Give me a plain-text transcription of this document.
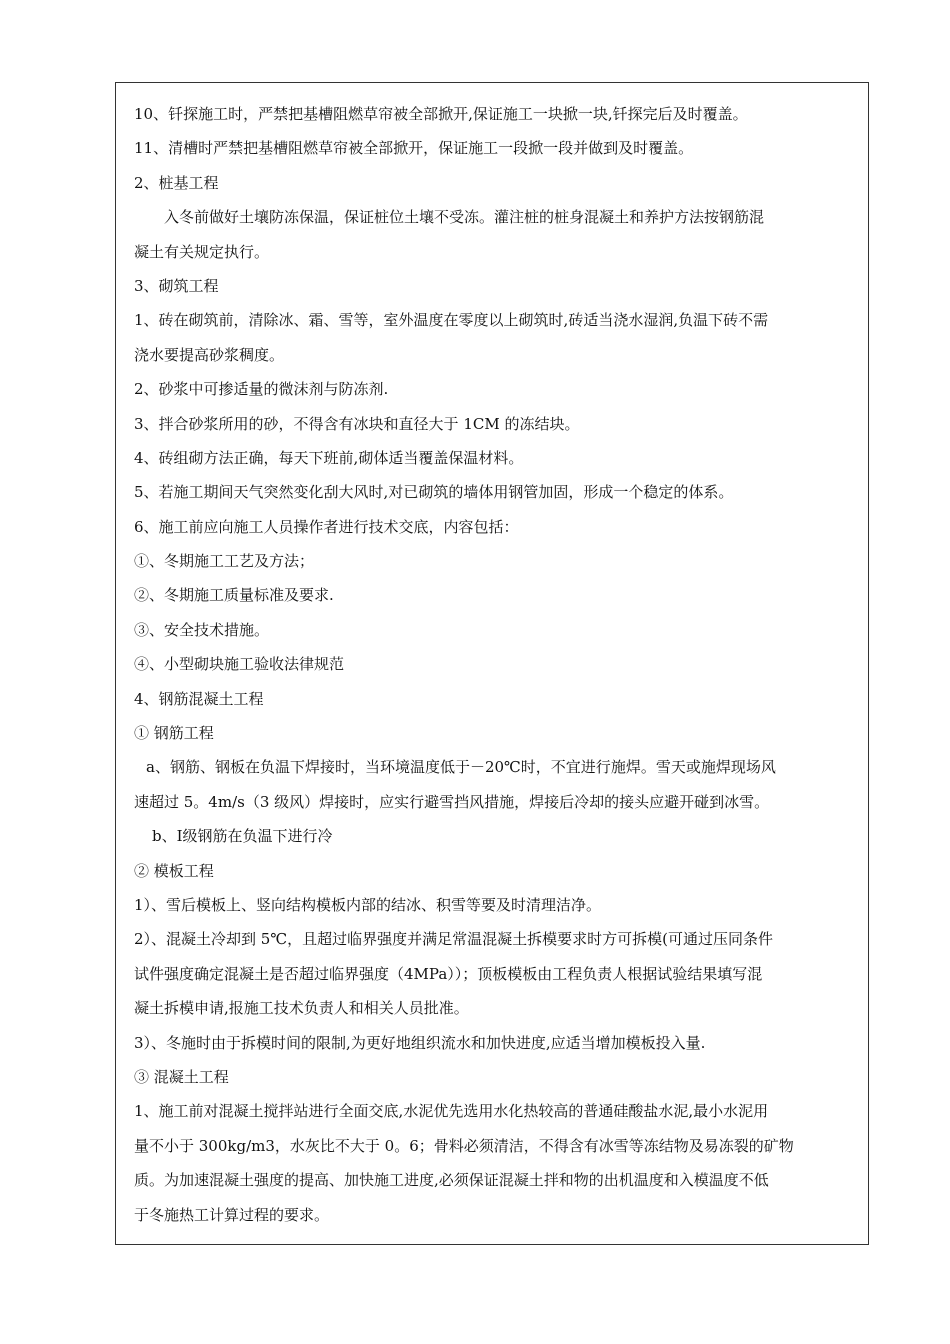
10、钎探施工时，严禁把基槽阻燃草帘被全部掀开,保证施工一块掀一块,钎探完后及时覆盖。
11、清槽时严禁把基槽阻燃草帘被全部掀开，保证施工一段掀一段并做到及时覆盖。
2、桩基工程
入冬前做好土壤防冻保温，保证桩位土壤不受冻。灌注桩的桩身混凝土和养护方法按钢筋混
凝土有关规定执行。
3、砌筑工程
1、砖在砌筑前，清除冰、霜、雪等，室外温度在零度以上砌筑时,砖适当浇水湿润,负温下砖不需
浇水要提高砂浆稠度。
2、砂浆中可掺适量的微沫剂与防冻剂.
3、拌合砂浆所用的砂，不得含有冰块和直径大于 1CM 的冻结块。
4、砖组砌方法正确，每天下班前,砌体适当覆盖保温材料。
5、若施工期间天气突然变化刮大风时,对已砌筑的墙体用钢管加固，形成一个稳定的体系。
6、施工前应向施工人员操作者进行技术交底，内容包括：
①、冬期施工工艺及方法；
②、冬期施工质量标准及要求.
③、安全技术措施。
④、小型砌块施工验收法律规范
4、钢筋混凝土工程
① 钢筋工程
a、钢筋、钢板在负温下焊接时，当环境温度低于－20℃时，不宜进行施焊。雪天或施焊现场风
速超过 5。4m/s（3 级风）焊接时，应实行避雪挡风措施，焊接后冷却的接头应避开碰到冰雪。
b、Ⅰ级钢筋在负温下进行冷
② 模板工程
1）、雪后模板上、竖向结构模板内部的结冰、积雪等要及时清理洁净。
2）、混凝土冷却到 5℃，且超过临界强度并满足常温混凝土拆模要求时方可拆模(可通过压同条件
试件强度确定混凝土是否超过临界强度（4MPa））；顶板模板由工程负责人根据试验结果填写混
凝土拆模申请,报施工技术负责人和相关人员批准。
3）、冬施时由于拆模时间的限制,为更好地组织流水和加快进度,应适当增加模板投入量.
③ 混凝土工程
1、施工前对混凝土搅拌站进行全面交底,水泥优先选用水化热较高的普通硅酸盐水泥,最小水泥用
量不小于 300kg/m3，水灰比不大于 0。6；骨料必须清洁，不得含有冰雪等冻结物及易冻裂的矿物
质。为加速混凝土强度的提高、加快施工进度,必须保证混凝土拌和物的出机温度和入模温度不低
于冬施热工计算过程的要求。
